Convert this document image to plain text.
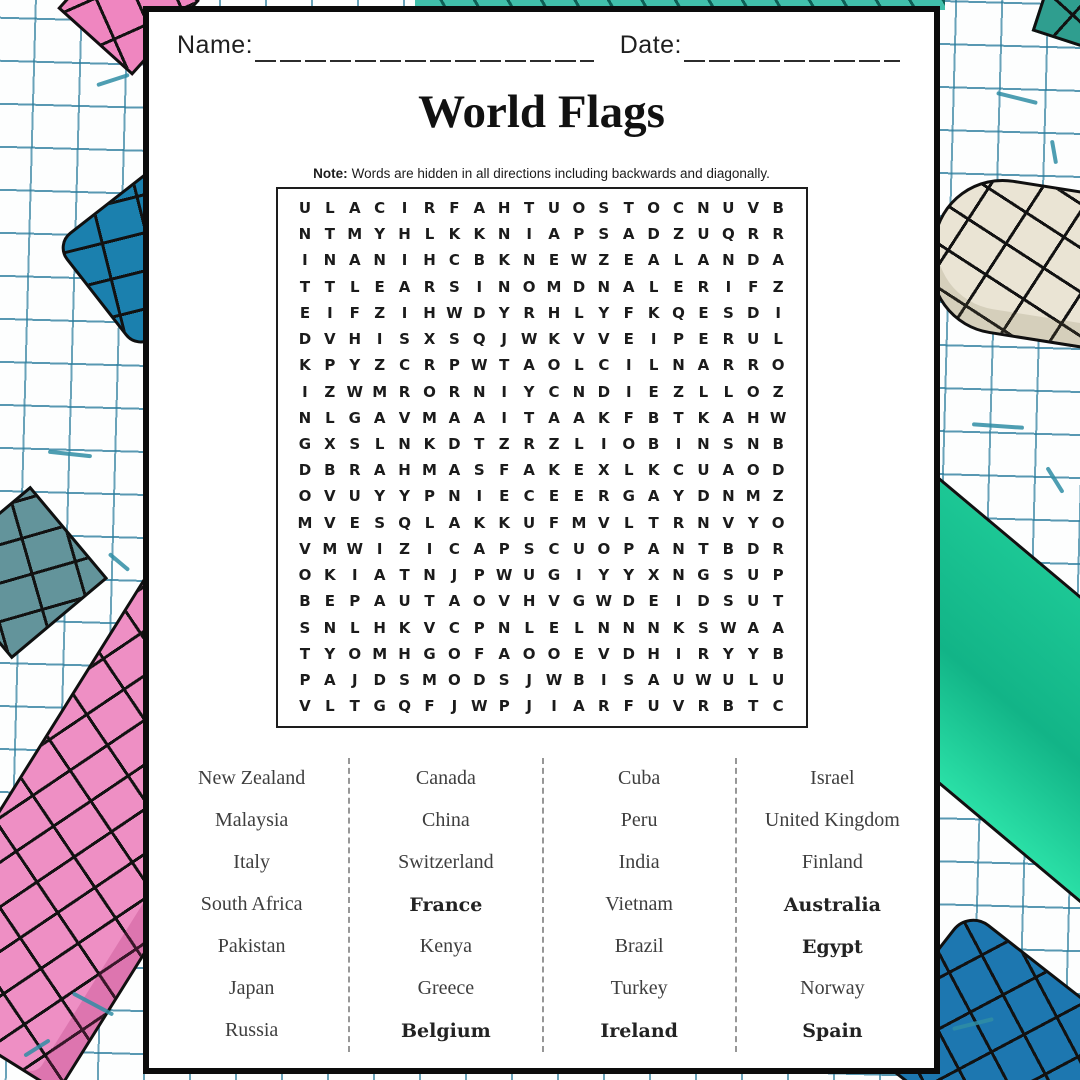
Name:	Date:
World Flags
Note: Words are hidden in all directions including backwards and diagonally.
U L A C	I	R F A H T U O S T O C N U V B
N T M Y H L K K N	I	A P S A D Z U Q R R
I	N A N	I	H C B K N E W Z E A L A N D A
T T	L	E A R S	I	N O M D N A L	E R	I	F Z
E	I	F Z	I	H W D Y R H L Y F K Q E S D	I
D V H	I	S X S Q	J W K V V E	I	P E R U L
K P Y Z C R P W T A O L C	I	L N A R R O
I	Z W M R O R N	I	Y C N D	I	E Z L	L O Z
N L G A V M A A	I	T A A K F B T K A H W
G X S L N K D T Z R Z L	I	O B	I	N S N B
D B R A H M A S F A K E X L K C U A O D
O V U Y Y P N	I	E C E E R G A Y D N M Z
M V E S Q L A K K U F M V L	T R N V Y O
V M W I	Z	I	C A P S C U O P A N T B D R
O K	I	A T N	J	P W U G	I	Y Y X N G S U P
B E P A U T A O V H V G W D E	I	D S U T
S N L H K V C P N L	E	L N N N K S W A A
T Y O M H G O F A O O E V D H	I	R Y Y B
P A	J	D S M O D S	J W B	I	S A U W U L U
V L	T G Q F	J W P	J	I	A R F U V R B T C
New Zealand
Malaysia
Italy
South Africa
Pakistan
Japan
Russia
Canada
China
Switzerland
France
Kenya
Greece
Belgium
Cuba
Peru
India
Vietnam
Brazil
Turkey
Ireland
Israel
United Kingdom
Finland
Australia
Egypt
Norway
Spain
